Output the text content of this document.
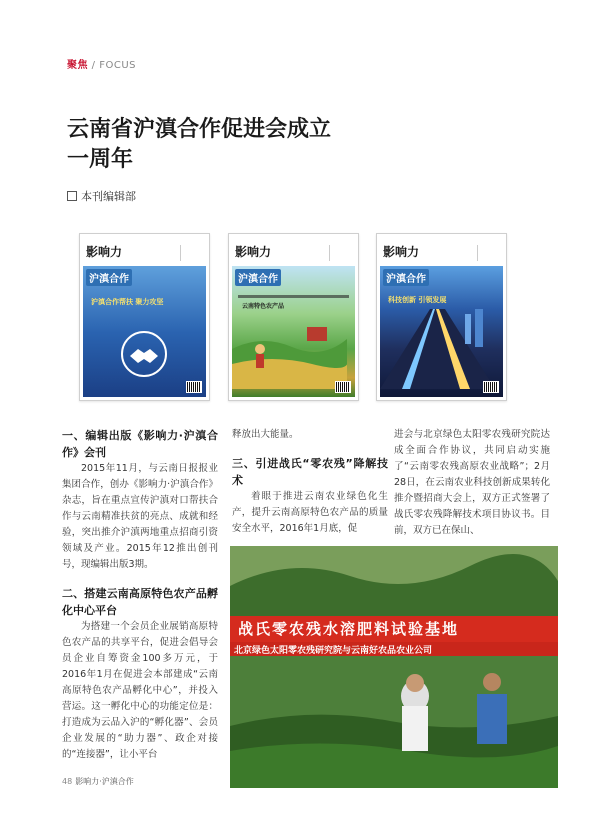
聚焦 / FOCUS
云南省沪滇合作促进会成立
一周年
本刊编辑部
影响力
沪滇合作
沪滇合作帮扶 聚力攻坚
影响力
沪滇合作
云南特色农产品
影响力
沪滇合作
科技创新 引领发展
一、编辑出版《影响力·沪滇合作》会刊

2015年11月，与云南日报报业集团合作，创办《影响力·沪滇合作》杂志，旨在重点宣传沪滇对口帮扶合作与云南精准扶贫的亮点、成就和经验，突出推介沪滇两地重点招商引资领域及产业。2015年12推出创刊号，现编辑出版3期。

二、搭建云南高原特色农产品孵化中心平台

为搭建一个会员企业展销高原特色农产品的共享平台，促进会倡导会员企业自筹资金100多万元，于2016年1月在促进会本部建成“云南高原特色农产品孵化中心”，并投入营运。这一孵化中心的功能定位是：打造成为云品入沪的“孵化器”、会员企业发展的“助力器”、政企对接的“连接器”，让小平台

释放出大能量。
三、引进战氏“零农残”降解技术

着眼于推进云南农业绿色化生产，提升云南高原特色农产品的质量安全水平，2016年1月底，促

进会与北京绿色太阳零农残研究院达成全面合作协议，共同启动实施了“云南零农残高原农业战略”；2月28日，在云南农业科技创新成果转化推介暨招商大会上，双方正式签署了战氏零农残降解技术项目协议书。目前，双方已在保山、
战氏零农残水溶肥料试验基地
北京绿色太阳零农残研究院与云南好农品农业公司
48 影响力·沪滇合作
